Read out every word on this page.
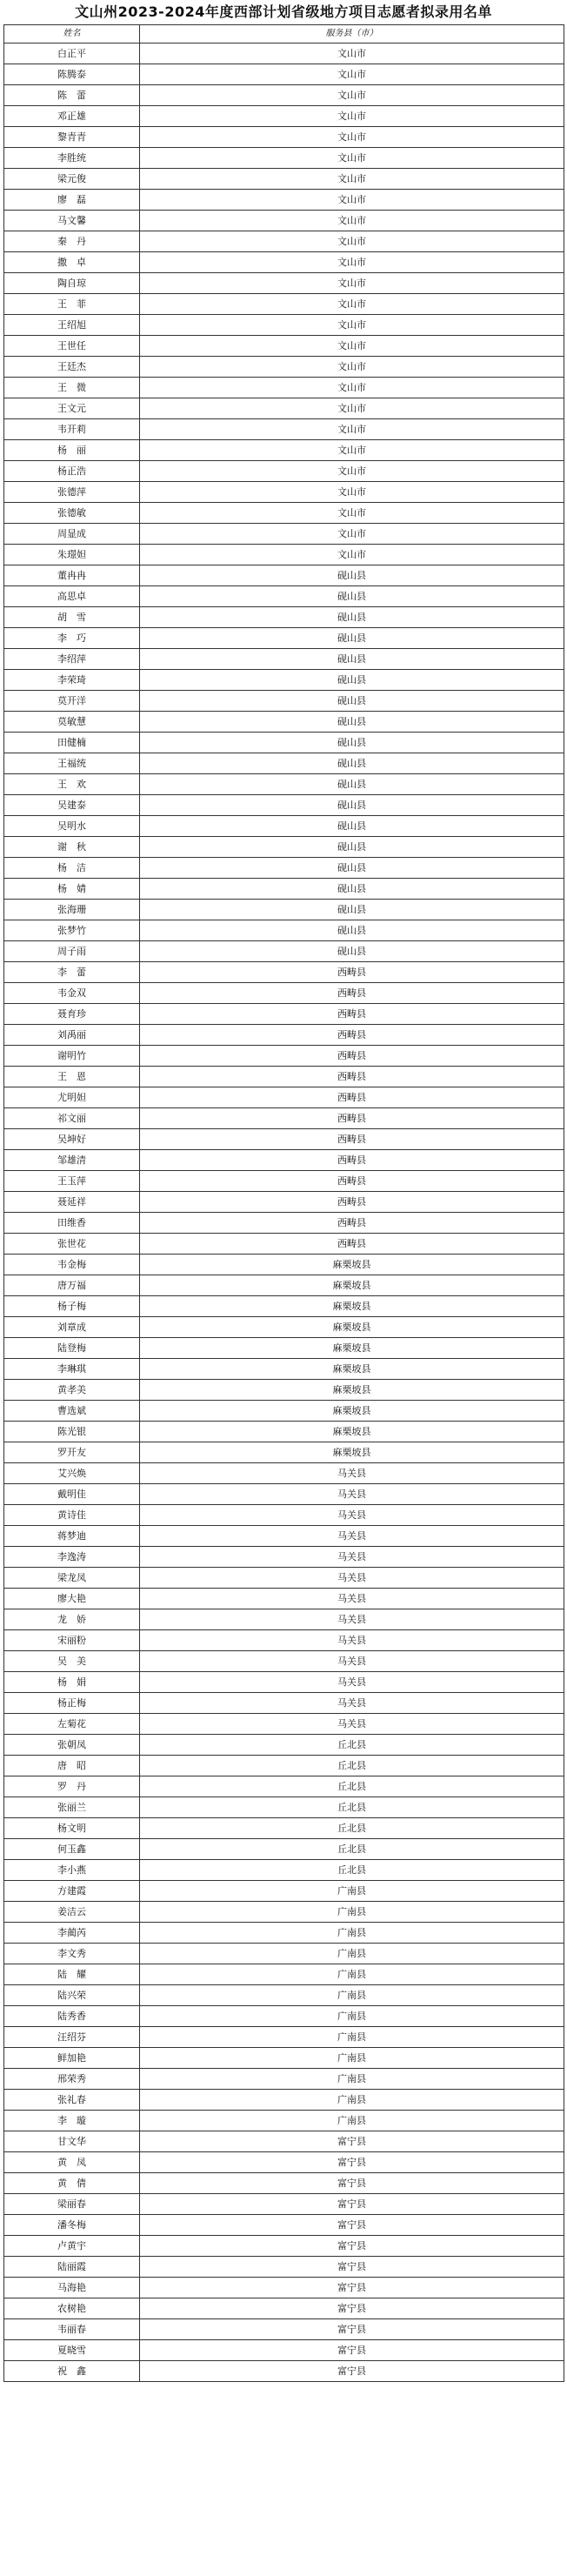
文山州2023-2024年度西部计划省级地方项目志愿者拟录用名单
姓名	服务县（市）
白正平	文山市
陈腾泰	文山市
陈　蕾	文山市
邓正雄	文山市
黎青青	文山市
李胜统	文山市
梁元俊	文山市
廖　磊	文山市
马文馨	文山市
秦　丹	文山市
撒　卓	文山市
陶自琼	文山市
王　菲	文山市
王绍旭	文山市
王世任	文山市
王廷杰	文山市
王　微	文山市
王文元	文山市
韦开莉	文山市
杨　丽	文山市
杨正浩	文山市
张德萍	文山市
张德敏	文山市
周显成	文山市
朱璟妲	文山市
董冉冉	砚山县
高思卓	砚山县
胡　雪	砚山县
李　巧	砚山县
李绍萍	砚山县
李荣琦	砚山县
莫开洋	砚山县
莫敏慧	砚山县
田健楠	砚山县
王福统	砚山县
王　欢	砚山县
吴建泰	砚山县
吴明水	砚山县
谢　秋	砚山县
杨　洁	砚山县
杨　婧	砚山县
张海珊	砚山县
张梦竹	砚山县
周子雨	砚山县
李　蕾	西畴县
韦金双	西畴县
聂育珍	西畴县
刘禹丽	西畴县
谢明竹	西畴县
王　恩	西畴县
尤明妲	西畴县
祁文丽	西畴县
吴坤好	西畴县
邹雄清	西畴县
王玉萍	西畴县
聂延祥	西畴县
田维香	西畴县
张世花	西畴县
韦金梅	麻栗坡县
唐万福	麻栗坡县
杨子梅	麻栗坡县
刘章成	麻栗坡县
陆登梅	麻栗坡县
李琳琪	麻栗坡县
黄孝美	麻栗坡县
曹选斌	麻栗坡县
陈光银	麻栗坡县
罗开友	麻栗坡县
艾兴焕	马关县
戴明佳	马关县
黄诗佳	马关县
蒋梦迪	马关县
李逸涛	马关县
梁龙凤	马关县
廖大艳	马关县
龙　娇	马关县
宋丽粉	马关县
吴　美	马关县
杨　娟	马关县
杨正梅	马关县
左菊花	马关县
张朝凤	丘北县
唐　昭	丘北县
罗　丹	丘北县
张丽兰	丘北县
杨文明	丘北县
何玉鑫	丘北县
李小燕	丘北县
方建霞	广南县
姜洁云	广南县
李蔺芮	广南县
李文秀	广南县
陆　耀	广南县
陆兴荣	广南县
陆秀香	广南县
汪绍芬	广南县
鲜加艳	广南县
邢荣秀	广南县
张礼春	广南县
李　璇	广南县
甘文华	富宁县
黄　凤	富宁县
黄　倩	富宁县
梁丽春	富宁县
潘冬梅	富宁县
卢黄宇	富宁县
陆丽霞	富宁县
马海艳	富宁县
农树艳	富宁县
韦丽春	富宁县
夏晓雪	富宁县
祝　鑫	富宁县
